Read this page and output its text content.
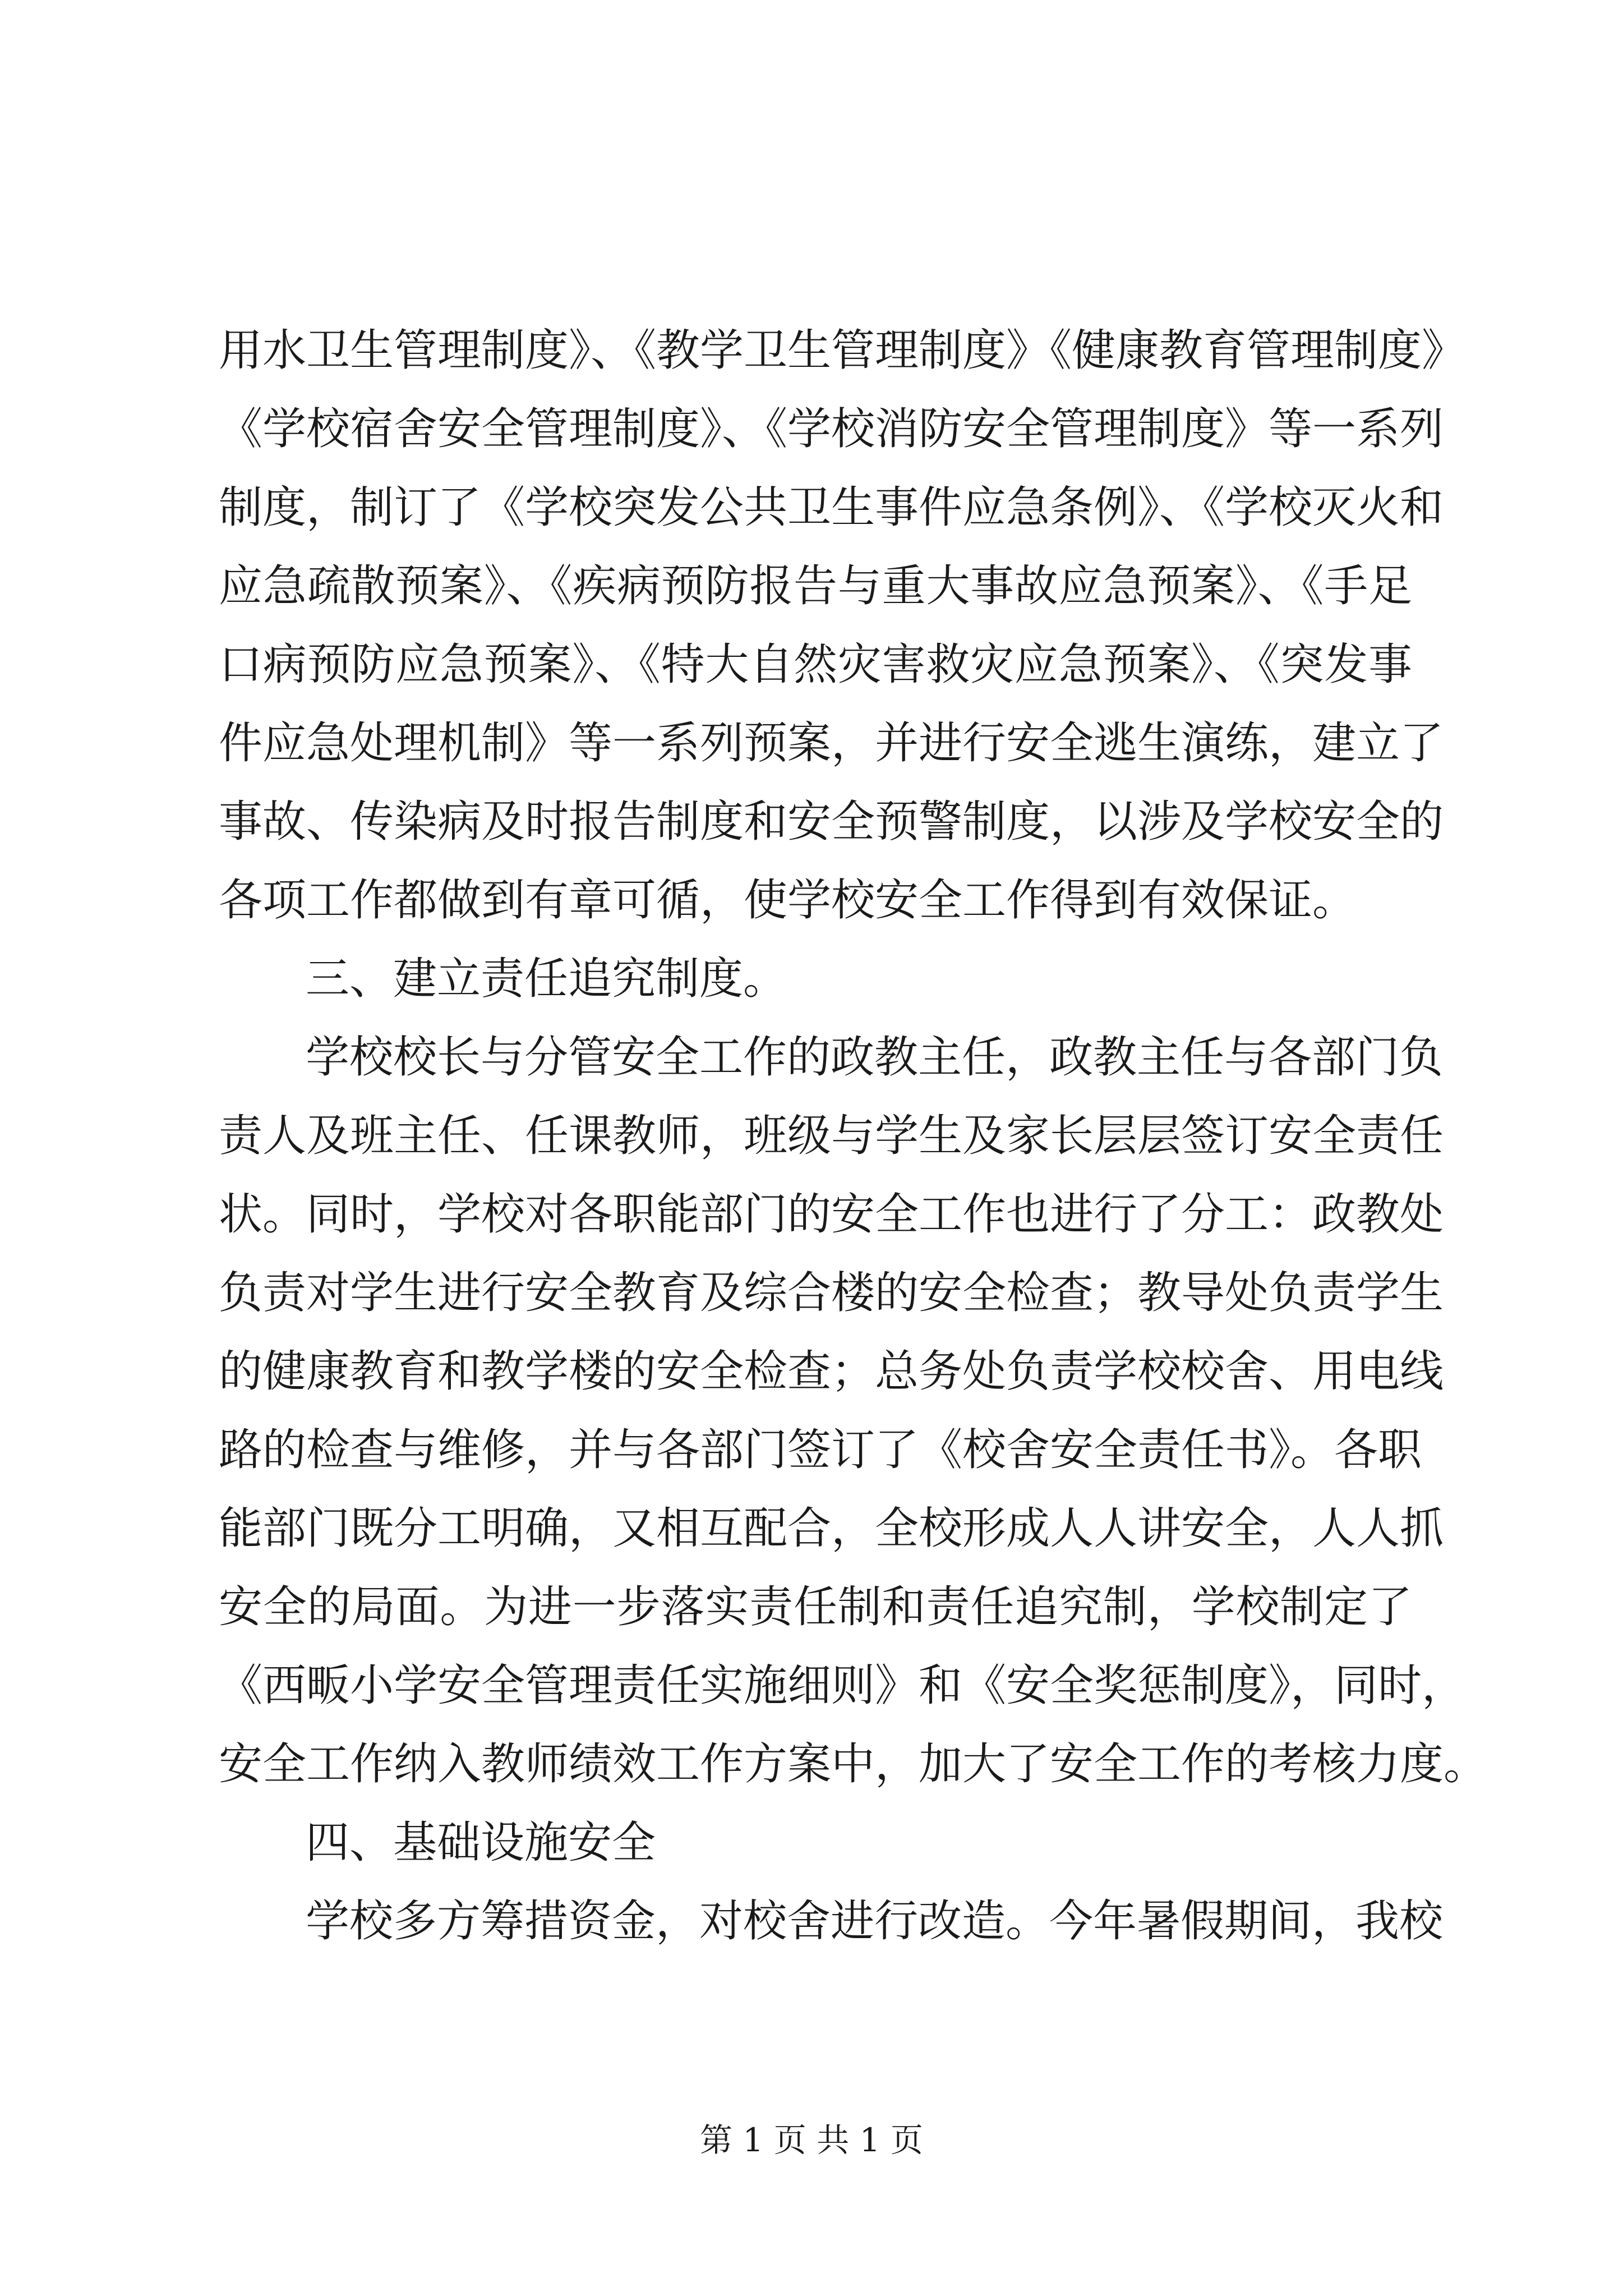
用水卫生管理制度》、《教学卫生管理制度》《健康教育管理制度》
《学校宿舍安全管理制度》、《学校消防安全管理制度》等一系列
制度，制订了《学校突发公共卫生事件应急条例》、《学校灭火和
应急疏散预案》、《疾病预防报告与重大事故应急预案》、《手足
口病预防应急预案》、《特大自然灾害救灾应急预案》、《突发事
件应急处理机制》等一系列预案，并进行安全逃生演练，建立了
事故、传染病及时报告制度和安全预警制度，以涉及学校安全的
各项工作都做到有章可循，使学校安全工作得到有效保证。
三、建立责任追究制度。
学校校长与分管安全工作的政教主任，政教主任与各部门负
责人及班主任、任课教师，班级与学生及家长层层签订安全责任
状。同时，学校对各职能部门的安全工作也进行了分工：政教处
负责对学生进行安全教育及综合楼的安全检查；教导处负责学生
的健康教育和教学楼的安全检查；总务处负责学校校舍、用电线
路的检查与维修，并与各部门签订了《校舍安全责任书》。各职
能部门既分工明确，又相互配合，全校形成人人讲安全，人人抓
安全的局面。为进一步落实责任制和责任追究制，学校制定了
《西畈小学安全管理责任实施细则》和《安全奖惩制度》，同时，
安全工作纳入教师绩效工作方案中，加大了安全工作的考核力度。
四、基础设施安全
学校多方筹措资金，对校舍进行改造。今年暑假期间，我校
第 1 页 共 1 页
